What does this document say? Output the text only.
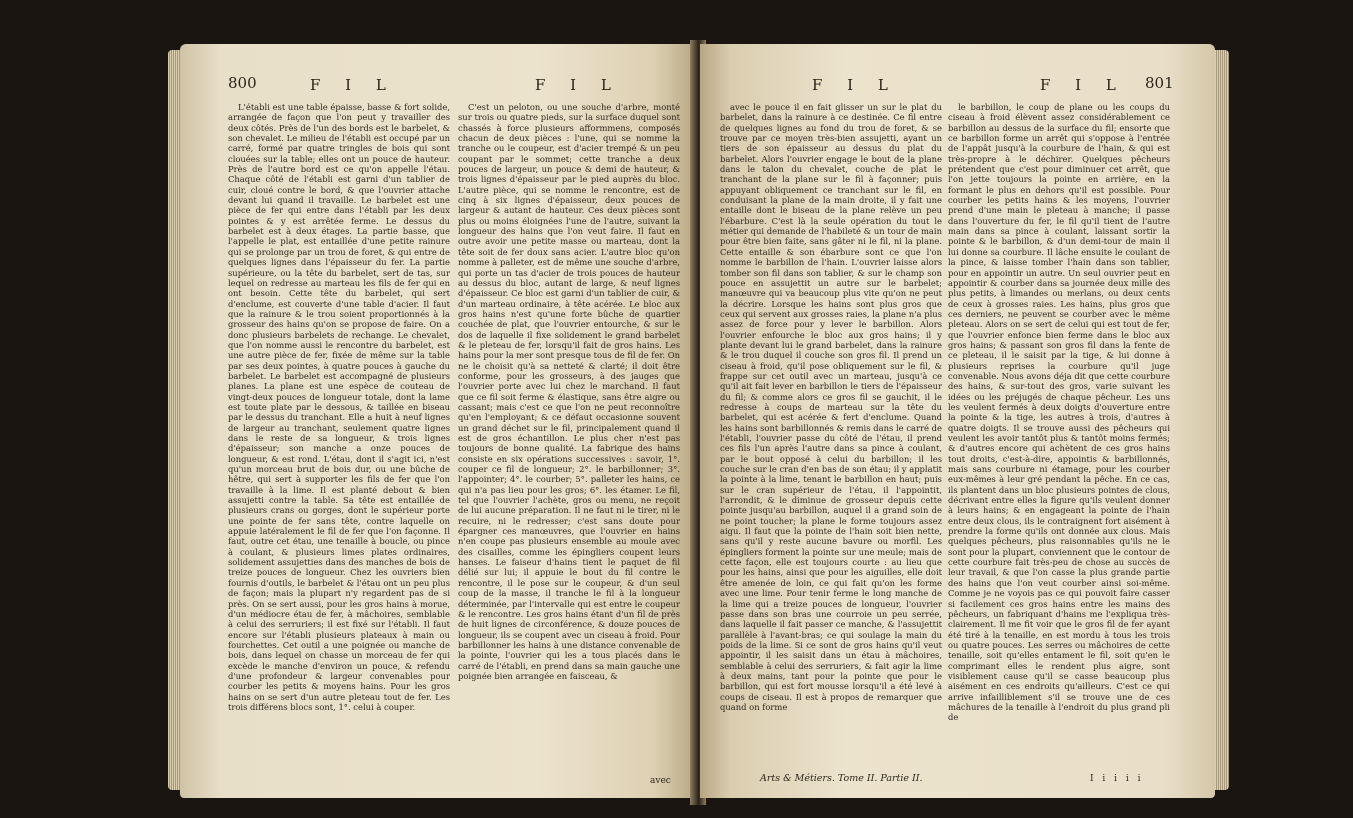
800	F I L	F I L

L'établi est une table épaisse, basse & fort solide, arrangée de façon que l'on peut y travailler des deux côtés. Près de l'un des bords est le barbelet, & son chevalet. Le milieu de l'établi est occupé par un carré, formé par quatre tringles de bois qui sont clouées sur la table; elles ont un pouce de hauteur. Près de l'autre bord est ce qu'on appelle l'étau. Chaque côté de l'établi est garni d'un tablier de cuir, cloué contre le bord, & que l'ouvrier attache devant lui quand il travaille. Le barbelet est une pièce de fer qui entre dans l'établi par les deux pointes & y est arrêtée ferme. Le dessus du barbelet est à deux étages. La partie basse, que l'appelle le plat, est entaillée d'une petite rainure qui se prolonge par un trou de foret, & qui entre de quelques lignes dans l'épaisseur du fer. La partie supérieure, ou la tête du barbelet, sert de tas, sur lequel on redresse au marteau les fils de fer qui en ont besoin. Cette tête du barbelet, qui sert d'enclume, est couverte d'une table d'acier. Il faut que la rainure & le trou soient proportionnés à la grosseur des hains qu'on se propose de faire. On a donc plusieurs barbelets de rechange. Le chevalet, que l'on nomme aussi le rencontre du barbelet, est une autre pièce de fer, fixée de même sur la table par ses deux pointes, à quatre pouces à gauche du barbelet. Le barbelet est accompagné de plusieurs planes. La plane est une espèce de couteau de vingt-deux pouces de longueur totale, dont la lame est toute plate par le dessous, & taillée en biseau par le dessus du tranchant. Elle a huit à neuf lignes de largeur au tranchant, seulement quatre lignes dans le reste de sa longueur, & trois lignes d'épaisseur; son manche a onze pouces de longueur, & est rond. L'étau, dont il s'agit ici, n'est qu'un morceau brut de bois dur, ou une bûche de hêtre, qui sert à supporter les fils de fer que l'on travaille à la lime. Il est planté debout & bien assujetti contre la table. Sa tête est entaillée de plusieurs crans ou gorges, dont le supérieur porte une pointe de fer sans tête, contre laquelle on appuie latéralement le fil de fer que l'on façonne. Il faut, outre cet étau, une tenaille à boucle, ou pince à coulant, & plusieurs limes plates ordinaires, solidement assujetties dans des manches de bois de treize pouces de longueur. Chez les ouvriers bien fournis d'outils, le barbelet & l'étau ont un peu plus de façon; mais la plupart n'y regardent pas de si près. On se sert aussi, pour les gros hains à morue, d'un médiocre étau de fer, à mâchoires, semblable à celui des serruriers; il est fixé sur l'établi. Il faut encore sur l'établi plusieurs plateaux à main ou fourchettes. Cet outil a une poignée ou manche de bois, dans lequel on chasse un morceau de fer qui excède le manche d'environ un pouce, & refendu d'une profondeur & largeur convenables pour courber les petits & moyens hains. Pour les gros hains on se sert d'un autre pleteau tout de fer. Les trois différens blocs sont, 1°. celui à couper.

C'est un peloton, ou une souche d'arbre, monté sur trois ou quatre pieds, sur la surface duquel sont chassés à force plusieurs afformmens, composés chacun de deux pièces : l'une, qui se nomme la tranche ou le coupeur, est d'acier trempé & un peu coupant par le sommet; cette tranche a deux pouces de largeur, un pouce & demi de hauteur, & trois lignes d'épaisseur par le pied auprès du bloc. L'autre pièce, qui se nomme le rencontre, est de cinq à six lignes d'épaisseur, deux pouces de largeur & autant de hauteur. Ces deux pièces sont plus ou moins éloignées l'une de l'autre, suivant la longueur des hains que l'on veut faire. Il faut en outre avoir une petite masse ou marteau, dont la tête soit de fer doux sans acier. L'autre bloc qu'on nomme à palleter, est de même une souche d'arbre, qui porte un tas d'acier de trois pouces de hauteur au dessus du bloc, autant de large, & neuf lignes d'épaisseur. Ce bloc est garni d'un tablier de cuir, & d'un marteau ordinaire, à tête acérée. Le bloc aux gros hains n'est qu'une forte bûche de quartier couchée de plat, que l'ouvrier entourche, & sur le dos de laquelle il fixe solidement le grand barbelet & le pleteau de fer, lorsqu'il fait de gros hains. Les hains pour la mer sont presque tous de fil de fer. On ne le choisit qu'à sa netteté & clarté; il doit être conforme, pour les grosseurs, à des jauges que l'ouvrier porte avec lui chez le marchand. Il faut que ce fil soit ferme & élastique, sans être aigre ou cassant; mais c'est ce que l'on ne peut reconnoître qu'en l'employant; & ce défaut occasionne souvent un grand déchet sur le fil, principalement quand il est de gros échantillon. Le plus cher n'est pas toujours de bonne qualité. La fabrique des hains consiste en six opérations successives : savoir, 1°. couper ce fil de longueur; 2°. le barbillonner; 3°. l'appointer; 4°. le courber; 5°. palleter les hains, ce qui n'a pas lieu pour les gros; 6°. les étamer. Le fil, tel que l'ouvrier l'achète, gros ou menu, ne reçoit de lui aucune préparation. Il ne faut ni le tirer, ni le recuire, ni le redresser; c'est sans doute pour épargner ces manœuvres, que l'ouvrier en hains n'en coupe pas plusieurs ensemble au moule avec des cisailles, comme les épingliers coupent leurs hanses. Le faiseur d'hains tient le paquet de fil délié sur lui; il appuie le bout du fil contre le rencontre, il le pose sur le coupeur, & d'un seul coup de la masse, il tranche le fil à la longueur déterminée, par l'intervalle qui est entre le coupeur & le rencontre. Les gros hains étant d'un fil de près de huit lignes de circonférence, & douze pouces de longueur, ils se coupent avec un ciseau à froid. Pour barbillonner les hains à une distance convenable de la pointe, l'ouvrier qui les a tous placés dans le carré de l'établi, en prend dans sa main gauche une poignée bien arrangée en faisceau, &

avec
F I L	F I L 801

avec le pouce il en fait glisser un sur le plat du barbelet, dans la rainure à ce destinée. Ce fil entre de quelques lignes au fond du trou de foret, & se trouve par ce moyen très-bien assujetti, ayant un tiers de son épaisseur au dessus du plat du barbelet. Alors l'ouvrier engage le bout de la plane dans le talon du chevalet, couche de plat le tranchant de la plane sur le fil à façonner; puis appuyant obliquement ce tranchant sur le fil, en conduisant la plane de la main droite, il y fait une entaille dont le biseau de la plane relève un peu l'ébarbure. C'est là la seule opération du tout le métier qui demande de l'habileté & un tour de main pour être bien faite, sans gâter ni le fil, ni la plane. Cette entaille & son ébarbure sont ce que l'on nomme le barbillon de l'hain. L'ouvrier laisse alors tomber son fil dans son tablier, & sur le champ son pouce en assujettit un autre sur le barbelet; manœuvre qui va beaucoup plus vite qu'on ne peut la décrire. Lorsque les hains sont plus gros que ceux qui servent aux grosses raies, la plane n'a plus assez de force pour y lever le barbillon. Alors l'ouvrier enfourche le bloc aux gros hains; il y plante devant lui le grand barbelet, dans la rainure & le trou duquel il couche son gros fil. Il prend un ciseau à froid, qu'il pose obliquement sur le fil, & frappe sur cet outil avec un marteau, jusqu'à ce qu'il ait fait lever en barbillon le tiers de l'épaisseur du fil; & comme alors ce gros fil se gauchit, il le redresse à coups de marteau sur la tête du barbelet, qui est acérée & fert d'enclume. Quand les hains sont barbillonnés & remis dans le carré de l'établi, l'ouvrier passe du côté de l'étau, il prend ces fils l'un après l'autre dans sa pince à coulant, par le bout opposé à celui du barbillon; il les couche sur le cran d'en bas de son étau; il y applatit la pointe à la lime, tenant le barbillon en haut; puis sur le cran supérieur de l'étau, il l'appointit, l'arrondit, & le diminue de grosseur depuis cette pointe jusqu'au barbillon, auquel il a grand soin de ne point toucher; la plane le forme toujours assez aigu. Il faut que la pointe de l'hain soit bien nette, sans qu'il y reste aucune bavure ou morfil. Les épingliers forment la pointe sur une meule; mais de cette façon, elle est toujours courte : au lieu que pour les hains, ainsi que pour les aiguilles, elle doit être amenée de loin, ce qui fait qu'on les forme avec une lime. Pour tenir ferme le long manche de la lime qui a treize pouces de longueur, l'ouvrier passe dans son bras une courroie un peu serrée, dans laquelle il fait passer ce manche, & l'assujettit parallèle à l'avant-bras; ce qui soulage la main du poids de la lime. Si ce sont de gros hains qu'il veut appointir, il les saisit dans un étau à mâchoires, semblable à celui des serruriers, & fait agir la lime à deux mains, tant pour la pointe que pour le barbillon, qui est fort mousse lorsqu'il a été levé à coups de ciseau. Il est à propos de remarquer que quand on forme

le barbillon, le coup de plane ou les coups du ciseau à froid élèvent assez considérablement ce barbillon au dessus de la surface du fil; ensorte que ce barbillon forme un arrêt qui s'oppose à l'entrée de l'appât jusqu'à la courbure de l'hain, & qui est très-propre à le déchirer. Quelques pêcheurs prétendent que c'est pour diminuer cet arrêt, que l'on jette toujours la pointe en arrière, en la formant le plus en dehors qu'il est possible. Pour courber les petits hains & les moyens, l'ouvrier prend d'une main le pleteau à manche; il passe dans l'ouverture du fer, le fil qu'il tient de l'autre main dans sa pince à coulant, laissant sortir la pointe & le barbillon, & d'un demi-tour de main il lui donne sa courbure. Il lâche ensuite le coulant de la pince, & laisse tomber l'hain dans son tablier, pour en appointir un autre. Un seul ouvrier peut en appointir & courber dans sa journée deux mille des plus petits, à limandes ou merlans, ou deux cents de ceux à grosses raies. Les hains, plus gros que ces derniers, ne peuvent se courber avec le même pleteau. Alors on se sert de celui qui est tout de fer, que l'ouvrier enfonce bien ferme dans le bloc aux gros hains; & passant son gros fil dans la fente de ce pleteau, il le saisit par la tige, & lui donne à plusieurs reprises la courbure qu'il juge convenable. Nous avons déja dit que cette courbure des hains, & sur-tout des gros, varie suivant les idées ou les préjugés de chaque pêcheur. Les uns les veulent fermés à deux doigts d'ouverture entre la pointe & la tige, les autres à trois, d'autres à quatre doigts. Il se trouve aussi des pêcheurs qui veulent les avoir tantôt plus & tantôt moins fermés; & d'autres encore qui achètent de ces gros hains tout droits, c'est-à-dire, appointis & barbillonnés, mais sans courbure ni étamage, pour les courber eux-mêmes à leur gré pendant la pêche. En ce cas, ils plantent dans un bloc plusieurs pointes de clous, décrivant entre elles la figure qu'ils veulent donner à leurs hains; & en engageant la pointe de l'hain entre deux clous, ils le contraignent fort aisément à prendre la forme qu'ils ont donnée aux clous. Mais quelques pêcheurs, plus raisonnables qu'ils ne le sont pour la plupart, conviennent que le contour de cette courbure fait très-peu de chose au succès de leur travail, & que l'on casse la plus grande partie des hains que l'on veut courber ainsi soi-même. Comme je ne voyois pas ce qui pouvoit faire casser si facilement ces gros hains entre les mains des pêcheurs, un fabriquant d'hains me l'expliqua très-clairement. Il me fit voir que le gros fil de fer ayant été tiré à la tenaille, en est mordu à tous les trois ou quatre pouces. Les serres ou mâchoires de cette tenaille, soit qu'elles entament le fil, soit qu'en le comprimant elles le rendent plus aigre, sont visiblement cause qu'il se casse beaucoup plus aisément en ces endroits qu'ailleurs. C'est ce qui arrive infailliblement s'il se trouve une de ces mâchures de la tenaille à l'endroit du plus grand pli de

Arts & Métiers. Tome II. Partie II.	I i i i i
